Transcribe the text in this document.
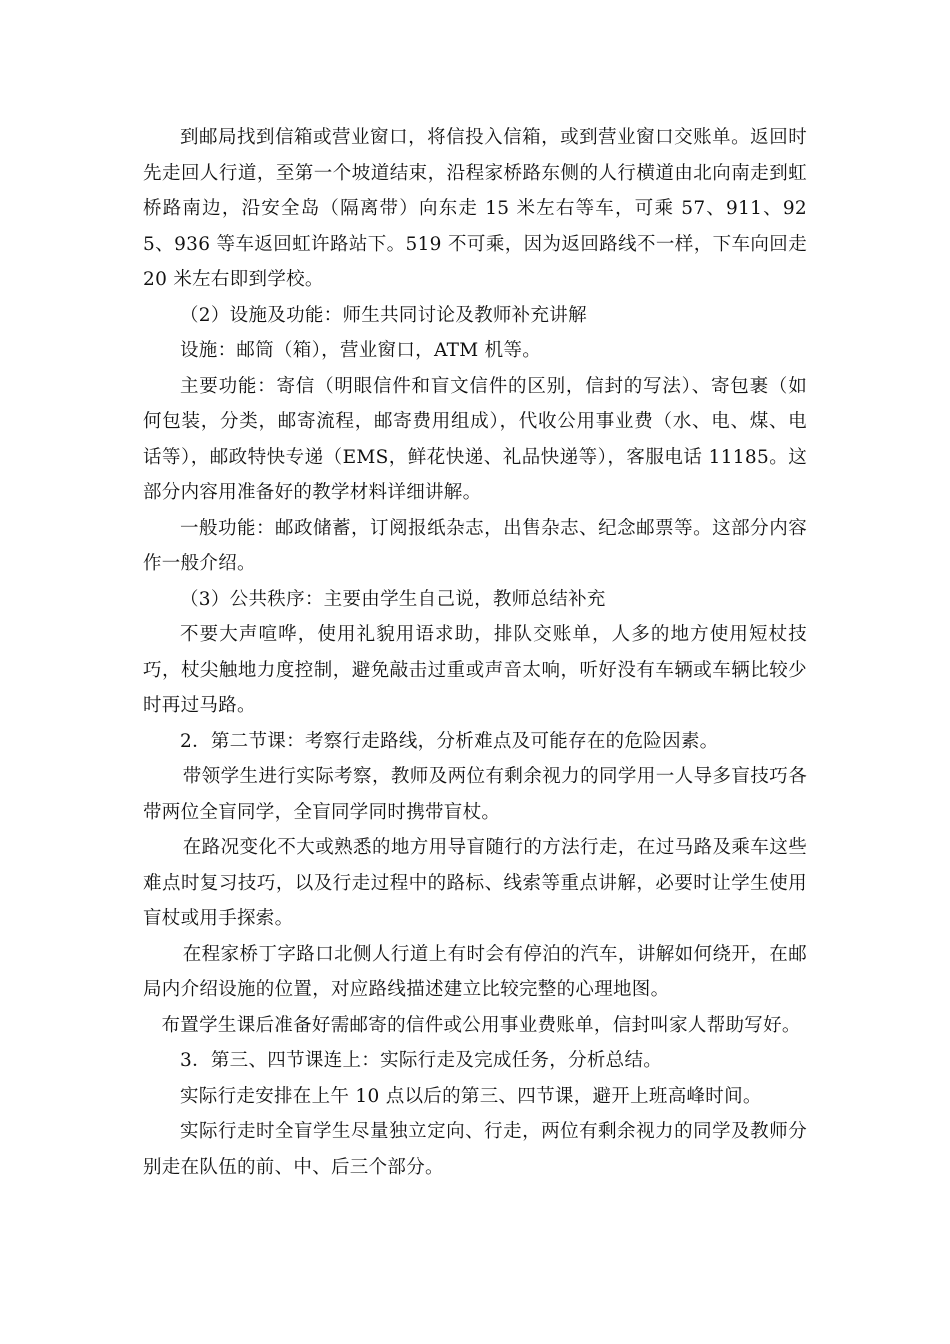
到邮局找到信箱或营业窗口，将信投入信箱，或到营业窗口交账单。返回时先走回人行道，至第一个坡道结束，沿程家桥路东侧的人行横道由北向南走到虹桥路南边，沿安全岛（隔离带）向东走 15 米左右等车，可乘 57、911、925、936 等车返回虹许路站下。519 不可乘，因为返回路线不一样，下车向回走 20 米左右即到学校。

（2）设施及功能：师生共同讨论及教师补充讲解

设施：邮筒（箱），营业窗口，ATM 机等。

主要功能：寄信（明眼信件和盲文信件的区别，信封的写法）、寄包裹（如何包装，分类，邮寄流程，邮寄费用组成），代收公用事业费（水、电、煤、电话等），邮政特快专递（EMS，鲜花快递、礼品快递等），客服电话 11185。这部分内容用准备好的教学材料详细讲解。

一般功能：邮政储蓄，订阅报纸杂志，出售杂志、纪念邮票等。这部分内容作一般介绍。

（3）公共秩序：主要由学生自己说，教师总结补充

不要大声喧哗，使用礼貌用语求助，排队交账单，人多的地方使用短杖技巧，杖尖触地力度控制，避免敲击过重或声音太响，听好没有车辆或车辆比较少时再过马路。

2．第二节课：考察行走路线，分析难点及可能存在的危险因素。

带领学生进行实际考察，教师及两位有剩余视力的同学用一人导多盲技巧各带两位全盲同学，全盲同学同时携带盲杖。

在路况变化不大或熟悉的地方用导盲随行的方法行走，在过马路及乘车这些难点时复习技巧，以及行走过程中的路标、线索等重点讲解，必要时让学生使用盲杖或用手探索。

在程家桥丁字路口北侧人行道上有时会有停泊的汽车，讲解如何绕开，在邮局内介绍设施的位置，对应路线描述建立比较完整的心理地图。

布置学生课后准备好需邮寄的信件或公用事业费账单，信封叫家人帮助写好。

3．第三、四节课连上：实际行走及完成任务，分析总结。

实际行走安排在上午 10 点以后的第三、四节课，避开上班高峰时间。

实际行走时全盲学生尽量独立定向、行走，两位有剩余视力的同学及教师分别走在队伍的前、中、后三个部分。
